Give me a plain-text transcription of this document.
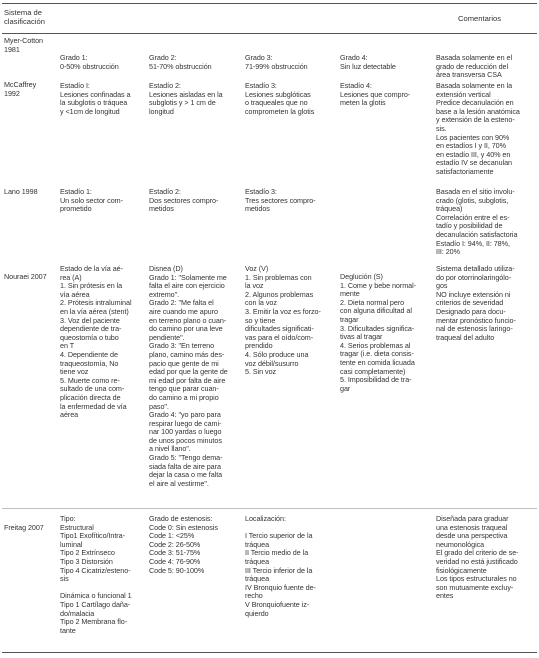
Sistema de
clasificación	Comentarios
Myer-Cotton
1981
Grado 1:
0-50% obstrucción
Grado 2:
51-70% obstrucción
Grado 3:
71-99% obstrucción
Grado 4:
Sin luz detectable
Basada solamente en el
grado de reducción del
área transversa CSA
McCaffrey
1992
Estadío I:
Lesiones confinadas a
la subglotis o tráquea
y <1cm de longitud
Estadío 2:
Lesiones aisladas en la
subglotis y > 1 cm de
longitud
Estadío 3:
Lesiones subglóticas
o traqueales que no
comprometen la glotis
Estadío 4:
Lesiones que compro-
meten la glotis
Basada solamente en la
extensión vertical
Predice decanulación en
base a la lesión anatómica
y extensión de la esteno-
sis.
Los pacientes con 90%
en estadíos I y II, 70%
en estadío III, y 40% en
estadío IV se decanulan
satisfactoriamente
Lano 1998	Estadío 1:
Un solo sector com-
prometido
Estadío 2:
Dos sectores compro-
metidos
Estadío 3:
Tres sectores compro-
metidos
Basada en el sitio involu-
crado (glotis, subglotis,
tráquea)
Correlación entre el es-
tadío y posibilidad de
decanulación satisfactoria
Estadío I: 94%, II: 78%,
III: 20%
Nouraei 2007
Estado de la vía aé-
rea (A)
1. Sin prótesis en la
vía aérea
2. Prótesis intraluminal
en la vía aérea (stent)
3. Voz del paciente
dependiente de tra-
queostomía o tubo
en T
4. Dependiente de
traqueostomía, No
tiene voz
5. Muerte como re-
sultado de una com-
plicación directa de
la enfermedad de vía
aérea
Disnea (D)
Grado 1: "Solamente me
falta el aire con ejercicio
extremo".
Grado 2: "Me falta el
aire cuando me apuro
en terreno plano o cuan-
do camino por una leve
pendiente".
Grado 3: "En terreno
plano, camino más des-
pacio que gente de mi
edad por que la gente de
mi edad por falta de aire
tengo que parar cuan-
do camino a mi propio
paso".
Grado 4: "yo paro para
respirar luego de cami-
nar 100 yardas o luego
de unos pocos minutos
a nivel llano".
Grado 5: "Tengo dema-
siada falta de aire para
dejar la casa o me falta
el aire al vestirme".
Voz (V)
1. Sin problemas con
la voz
2. Algunos problemas
con la voz
3. Emitir la voz es forzo-
so y tiene
dificultades significati-
vas para el oído/com-
prendido
4. Sólo produce una
voz débil/susurro
5. Sin voz
Deglución (S)
1. Come y bebe normal-
mente
2. Dieta normal pero
con alguna dificultad al
tragar
3. Dificultades significa-
tivas al tragar
4. Serios problemas al
tragar (i.e. dieta consis-
tente en comida licuada
casi completamente)
5. Imposibilidad de tra-
gar
Sistema detallado utiliza-
do por otorrinolaringólo-
gos
NO incluye extensión ni
criterios de severidad
Designado para docu-
mentar pronóstico funcio-
nal de estenosis laringo-
traqueal del adulto
Freitag 2007
Tipo:
Estructural
Tipo1 Exofítico/Intra-
luminal
Tipo 2 Extrínseco
Tipo 3 Distorsión
Tipo 4 Cicatriz/esteno-
sis

Dinámica o funcional 1
Tipo 1 Cartílago daña-
do/malacia
Tipo 2 Membrana flo-
tante
Grado de estenosis:
Code 0: Sin estenosis
Code 1: <25%
Code 2: 26-50%
Code 3: 51-75%
Code 4: 76-90%
Code 5: 90-100%
Localización:

I Tercio superior de la
tráquea
II Tercio medio de la
tráquea
III Tercio inferior de la
tráquea
IV Bronquio fuente de-
recho
V Bronquiofuente iz-
quierdo
Diseñada para graduar
una estenosis traqueal
desde una perspectiva
neumonológica
El grado del criterio de se-
veridad no está justificado
fisiológicamente
Los tipos estructurales no
son mutuamente excluy-
entes
